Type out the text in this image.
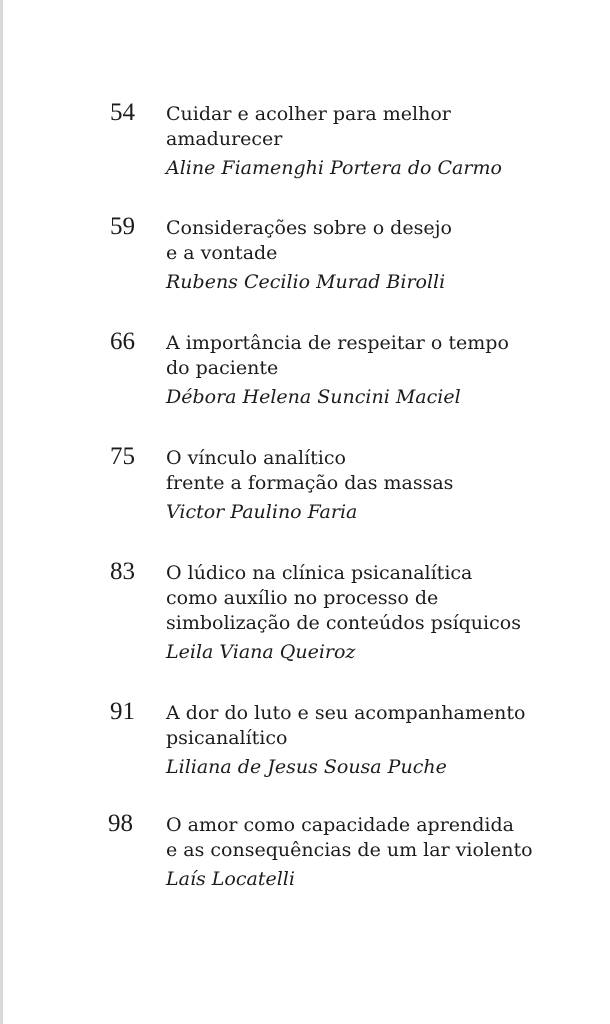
54	Cuidar e acolher para melhor
amadurecer
Aline Fiamenghi Portera do Carmo
59	Considerações sobre o desejo
e a vontade
Rubens Cecilio Murad Birolli
66	A importância de respeitar o tempo
do paciente
Débora Helena Suncini Maciel
75	O vínculo analítico
frente a formação das massas
Victor Paulino Faria
83	O lúdico na clínica psicanalítica
como auxílio no processo de
simbolização de conteúdos psíquicos
Leila Viana Queiroz
91	A dor do luto e seu acompanhamento
psicanalítico
Liliana de Jesus Sousa Puche
98	O amor como capacidade aprendida
e as consequências de um lar violento
Laís Locatelli
